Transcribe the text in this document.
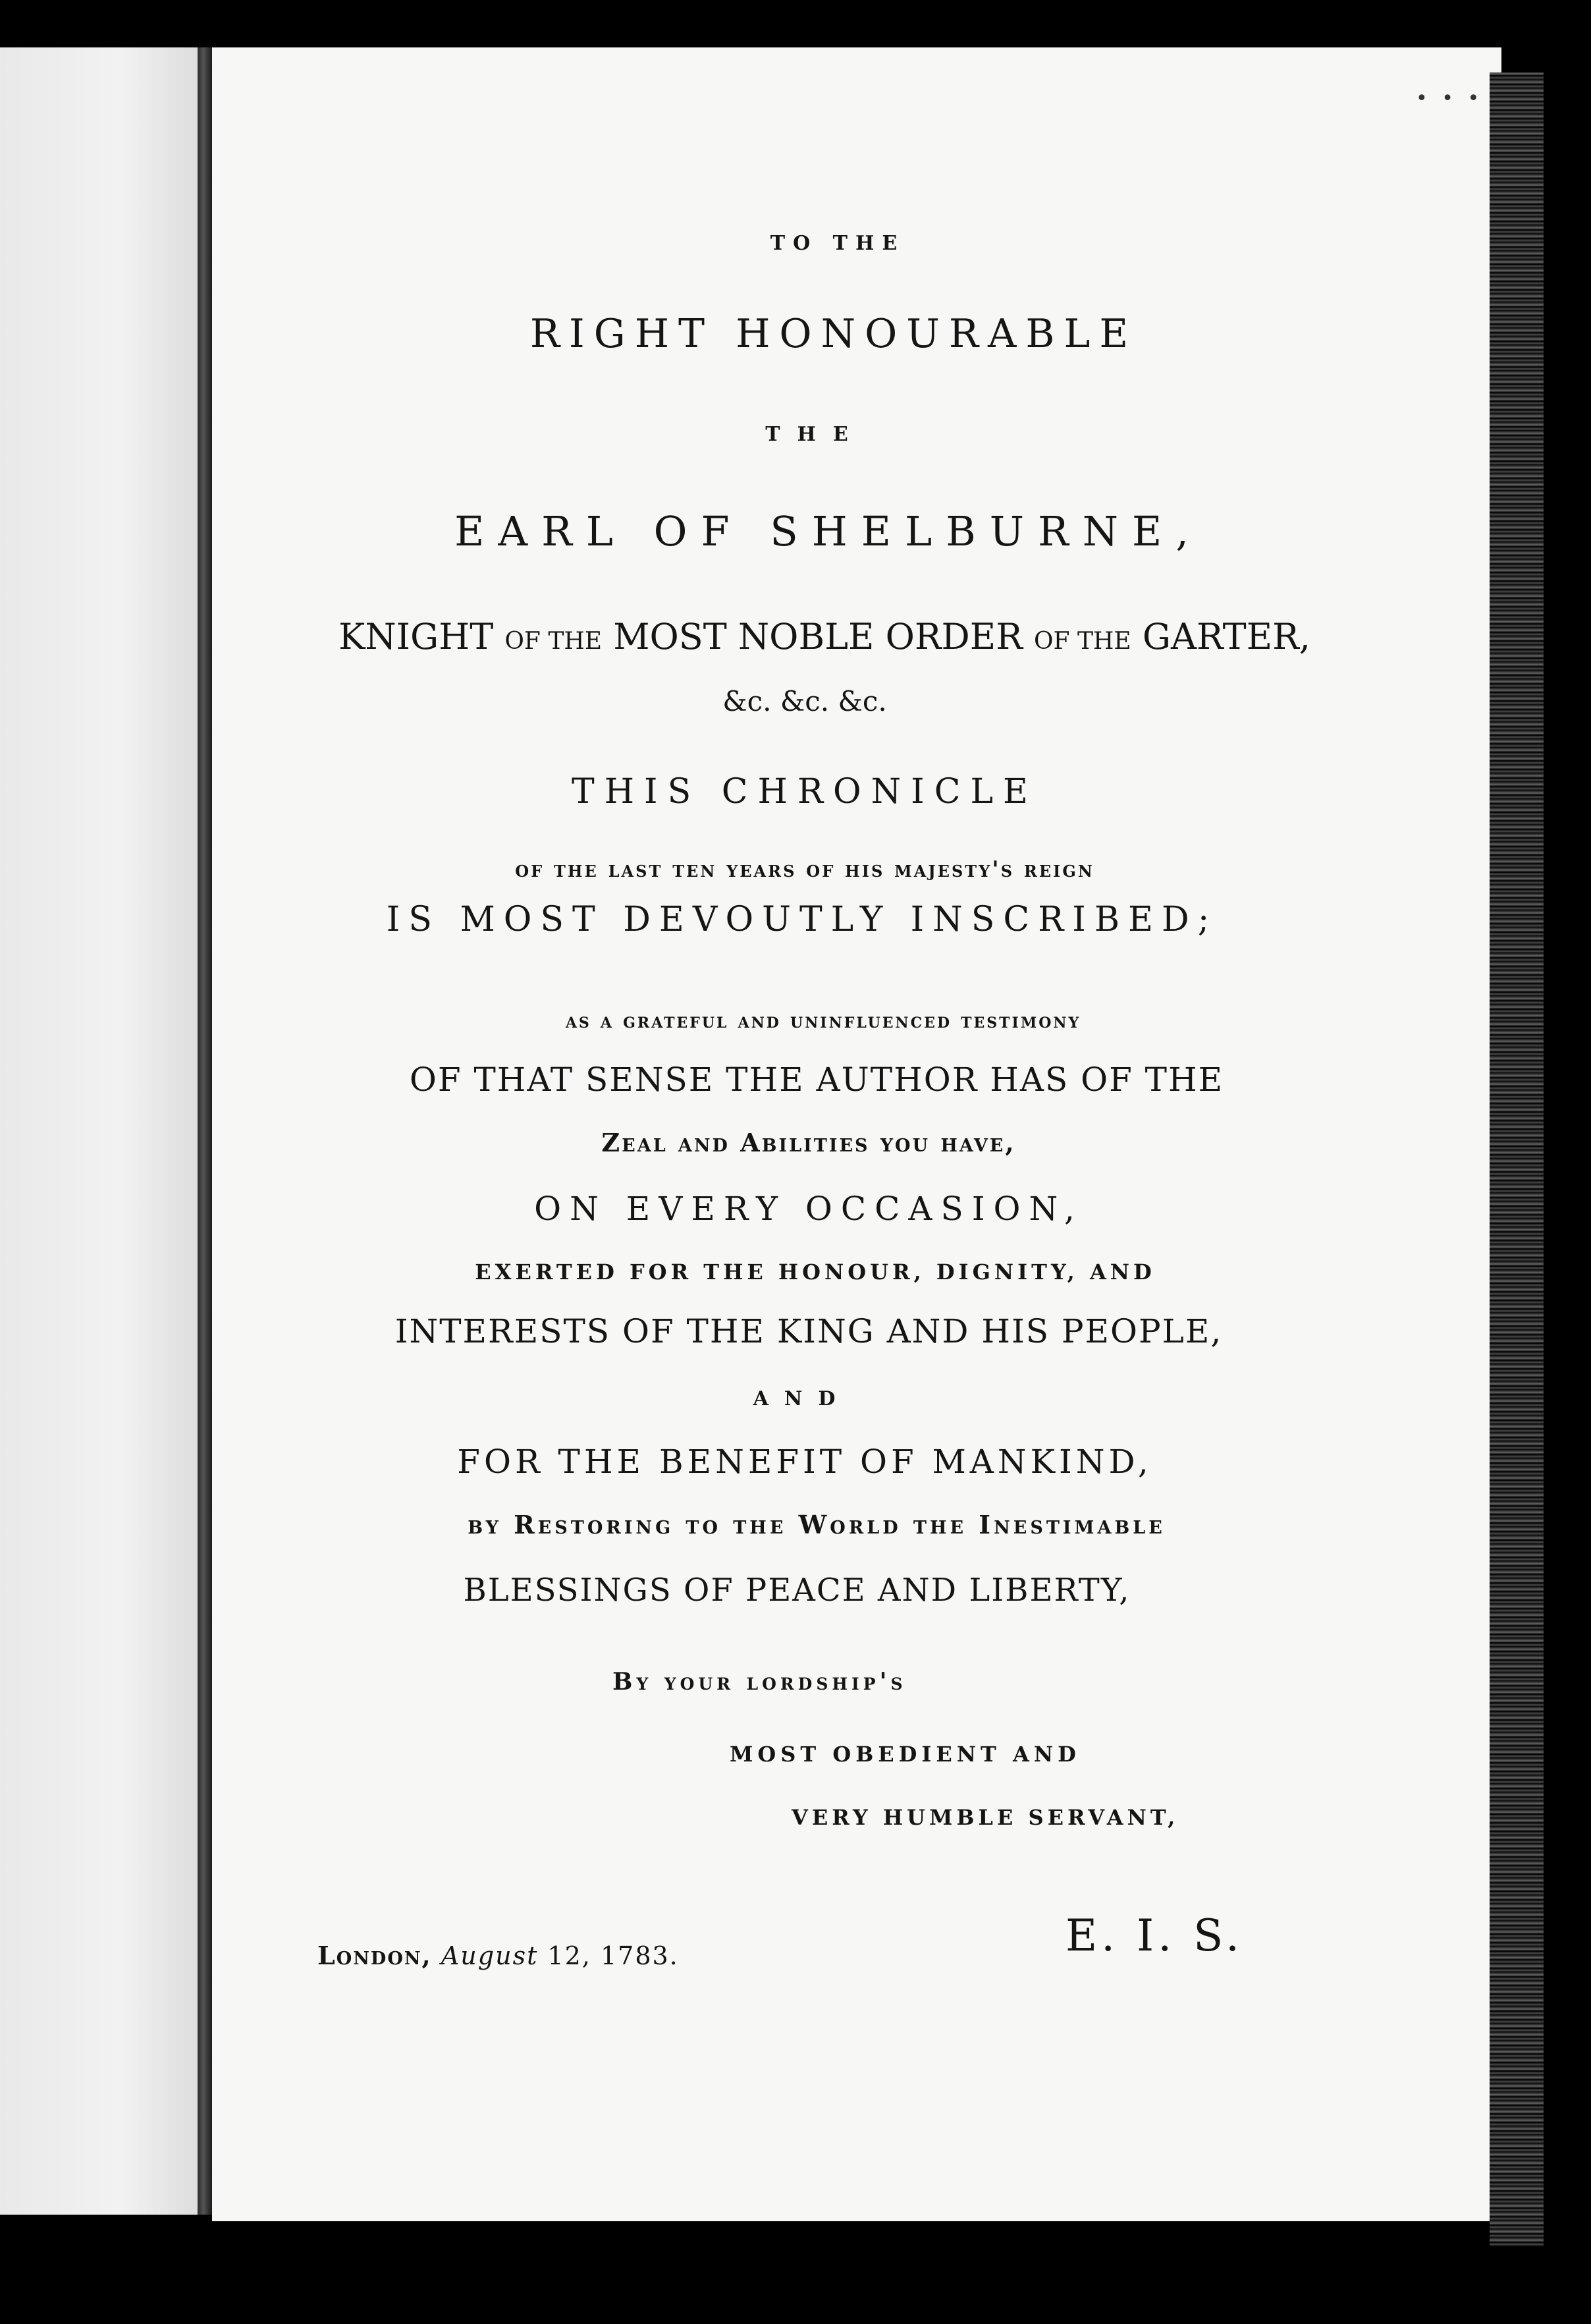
• • •
TO THE
RIGHT HONOURABLE
THE
EARL OF SHELBURNE,
KNIGHT OF THE MOST NOBLE ORDER OF THE GARTER,
&c. &c. &c.
THIS CHRONICLE
of the last ten years of his majesty's reign
IS MOST DEVOUTLY INSCRIBED;
as a grateful and uninfluenced testimony
OF THAT SENSE THE AUTHOR HAS OF THE
Zeal and Abilities you have,
ON EVERY OCCASION,
EXERTED FOR THE HONOUR, DIGNITY, AND
INTERESTS OF THE KING AND HIS PEOPLE,
AND
FOR THE BENEFIT OF MANKIND,
by Restoring to the World the Inestimable
BLESSINGS OF PEACE AND LIBERTY,
By your lordship's
MOST OBEDIENT AND
VERY HUMBLE SERVANT,
London, August 12, 1783.	E. I. S.
